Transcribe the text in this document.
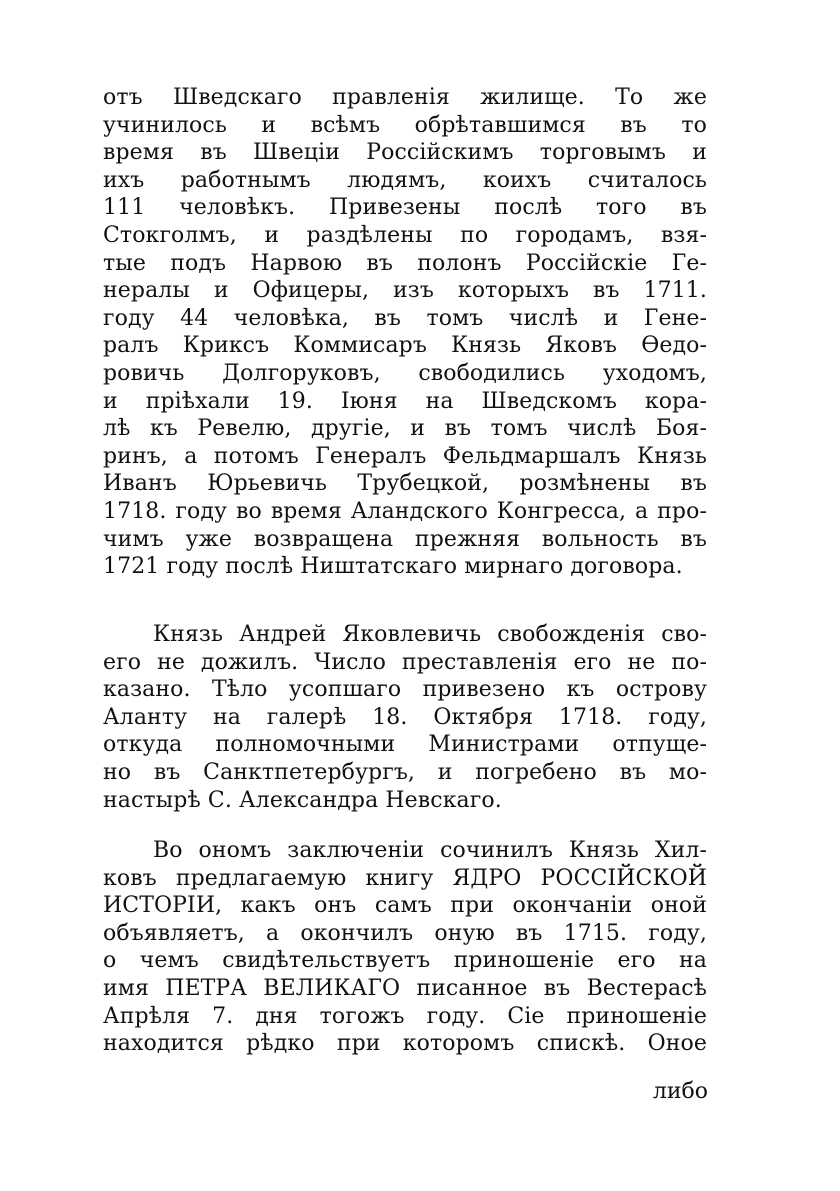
отъ Шведскаго правленія жилище. То же
учинилось и всѣмъ обрѣтавшимся въ то
время въ Швеціи Россійскимъ торговымъ и
ихъ работнымъ людямъ, коихъ считалось
111 человѣкъ. Привезены послѣ того въ
Стокголмъ, и раздѣлены по городамъ, взя-
тые подъ Нарвою въ полонъ Россійскіе Ге-
нералы и Офицеры, изъ которыхъ въ 1711.
году 44 человѣка, въ томъ числѣ и Гене-
ралъ Криксъ Коммисаръ Князь Яковъ Ѳедо-
ровичь Долгоруковъ, свободились уходомъ,
и прiѣхали 19. Іюня на Шведскомъ кора-
лѣ къ Ревелю, другіе, и въ томъ числѣ Боя-
ринъ, а потомъ Генералъ Фельдмаршалъ Князь
Иванъ Юрьевичь Трубецкой, розмѣнены въ
1718. году во время Аландского Конгресса, а про-
чимъ уже возвращена прежняя вольность въ
1721 году послѣ Ништатскаго мирнаго договора.
Князь Андрей Яковлевичь свобожденія сво-
его не дожилъ. Число преставленія его не по-
казано. Тѣло усопшаго привезено къ острову
Аланту на галерѣ 18. Октября 1718. году,
откуда полномочными Министрами отпуще-
но въ Санктпетербургъ, и погребено въ мо-
настырѣ С. Александра Невскаго.
Во ономъ заключеніи сочинилъ Князь Хил-
ковъ предлагаемую книгу ЯДРО РОССІЙСКОЙ
ИСТОРІИ, какъ онъ самъ при окончаніи оной
объявляетъ, а окончилъ оную въ 1715. году,
о чемъ свидѣтельствуетъ приношеніе его на
имя ПЕТРА ВЕЛИКАГО писанное въ Вестерасѣ
Апрѣля 7. дня тогожъ году. Сіе приношеніе
находится рѣдко при которомъ спискѣ. Оное
либо
